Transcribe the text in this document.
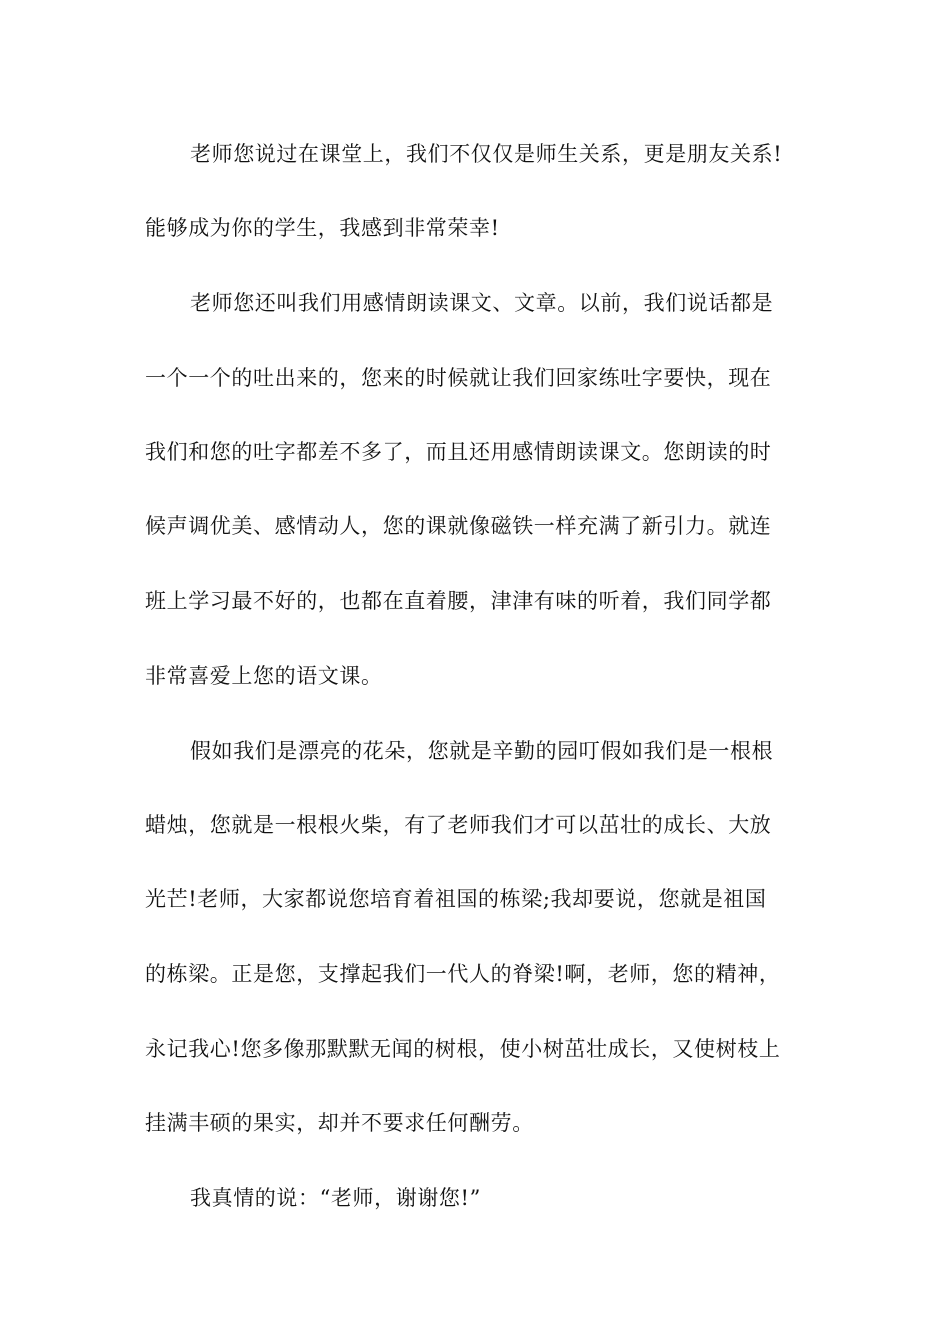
老师您说过在课堂上，我们不仅仅是师生关系，更是朋友关系!
能够成为你的学生，我感到非常荣幸!
老师您还叫我们用感情朗读课文、文章。以前，我们说话都是
一个一个的吐出来的，您来的时候就让我们回家练吐字要快，现在
我们和您的吐字都差不多了，而且还用感情朗读课文。您朗读的时
候声调优美、感情动人，您的课就像磁铁一样充满了新引力。就连
班上学习最不好的，也都在直着腰，津津有味的听着，我们同学都
非常喜爱上您的语文课。
假如我们是漂亮的花朵，您就是辛勤的园叮假如我们是一根根
蜡烛，您就是一根根火柴，有了老师我们才可以茁壮的成长、大放
光芒!老师，大家都说您培育着祖国的栋梁;我却要说，您就是祖国
的栋梁。正是您，支撑起我们一代人的脊梁!啊，老师，您的精神，
永记我心!您多像那默默无闻的树根，使小树茁壮成长，又使树枝上
挂满丰硕的果实，却并不要求任何酬劳。
我真情的说：“老师，谢谢您!”
